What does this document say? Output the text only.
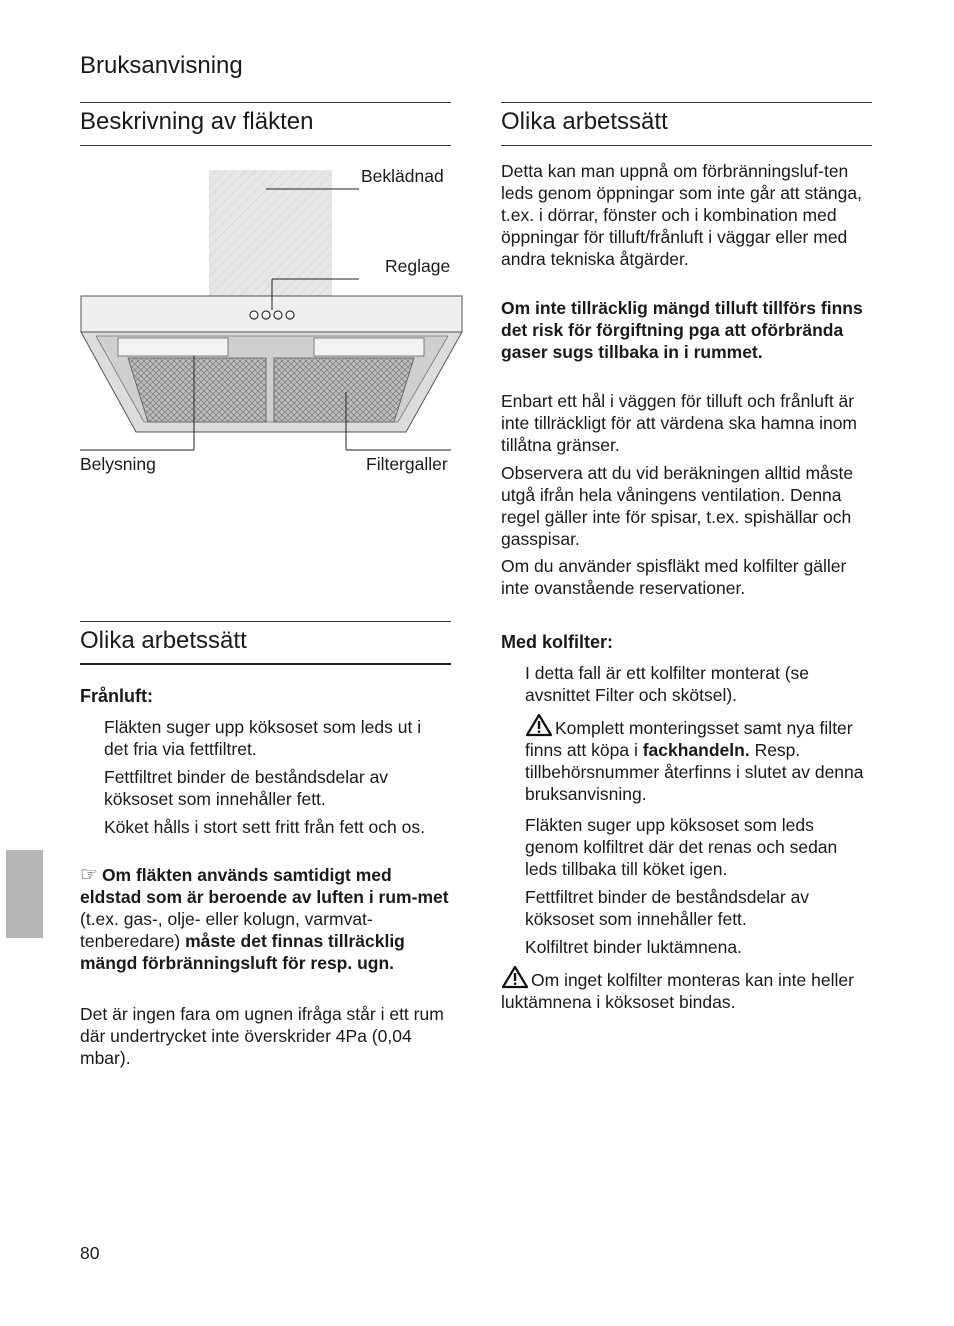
Bruksanvisning
Beskrivning av fläkten
Beklädnad
Reglage
Belysning	Filtergaller
Olika arbetssätt
Frånluft:
Fläkten suger upp köksoset som leds ut i det fria via fettfiltret.
Fettfiltret binder de beståndsdelar av köksoset som innehåller fett.
Köket hålls i stort sett fritt från fett och os.
☞ Om fläkten används samtidigt med eldstad som är beroende av luften i rum-met (t.ex. gas-, olje- eller kolugn, varmvat-tenberedare) måste det finnas tillräcklig mängd förbränningsluft för resp. ugn.
Det är ingen fara om ugnen ifråga står i ett rum där undertrycket inte överskrider 4Pa (0,04 mbar).
Olika arbetssätt
Detta kan man uppnå om förbränningsluf-ten leds genom öppningar som inte går att stänga, t.ex. i dörrar, fönster och i kombination med öppningar för tilluft/frånluft i väggar eller med andra tekniska åtgärder.
Om inte tillräcklig mängd tilluft tillförs finns det risk för förgiftning pga att oförbrända gaser sugs tillbaka in i rummet.
Enbart ett hål i väggen för tilluft och frånluft är inte tillräckligt för att värdena ska hamna inom tillåtna gränser.
Observera att du vid beräkningen alltid måste utgå ifrån hela våningens ventilation. Denna regel gäller inte för spisar, t.ex. spishällar och gasspisar.
Om du använder spisfläkt med kolfilter gäller inte ovanstående reservationer.
Med kolfilter:
I detta fall är ett kolfilter monterat (se avsnittet Filter och skötsel).
Komplett monteringsset samt nya filter finns att köpa i fackhandeln. Resp. tillbehörsnummer återfinns i slutet av denna bruksanvisning.
Fläkten suger upp köksoset som leds genom kolfiltret där det renas och sedan leds tillbaka till köket igen.
Fettfiltret binder de beståndsdelar av köksoset som innehåller fett.
Kolfiltret binder luktämnena.
Om inget kolfilter monteras kan inte heller luktämnena i köksoset bindas.
80
